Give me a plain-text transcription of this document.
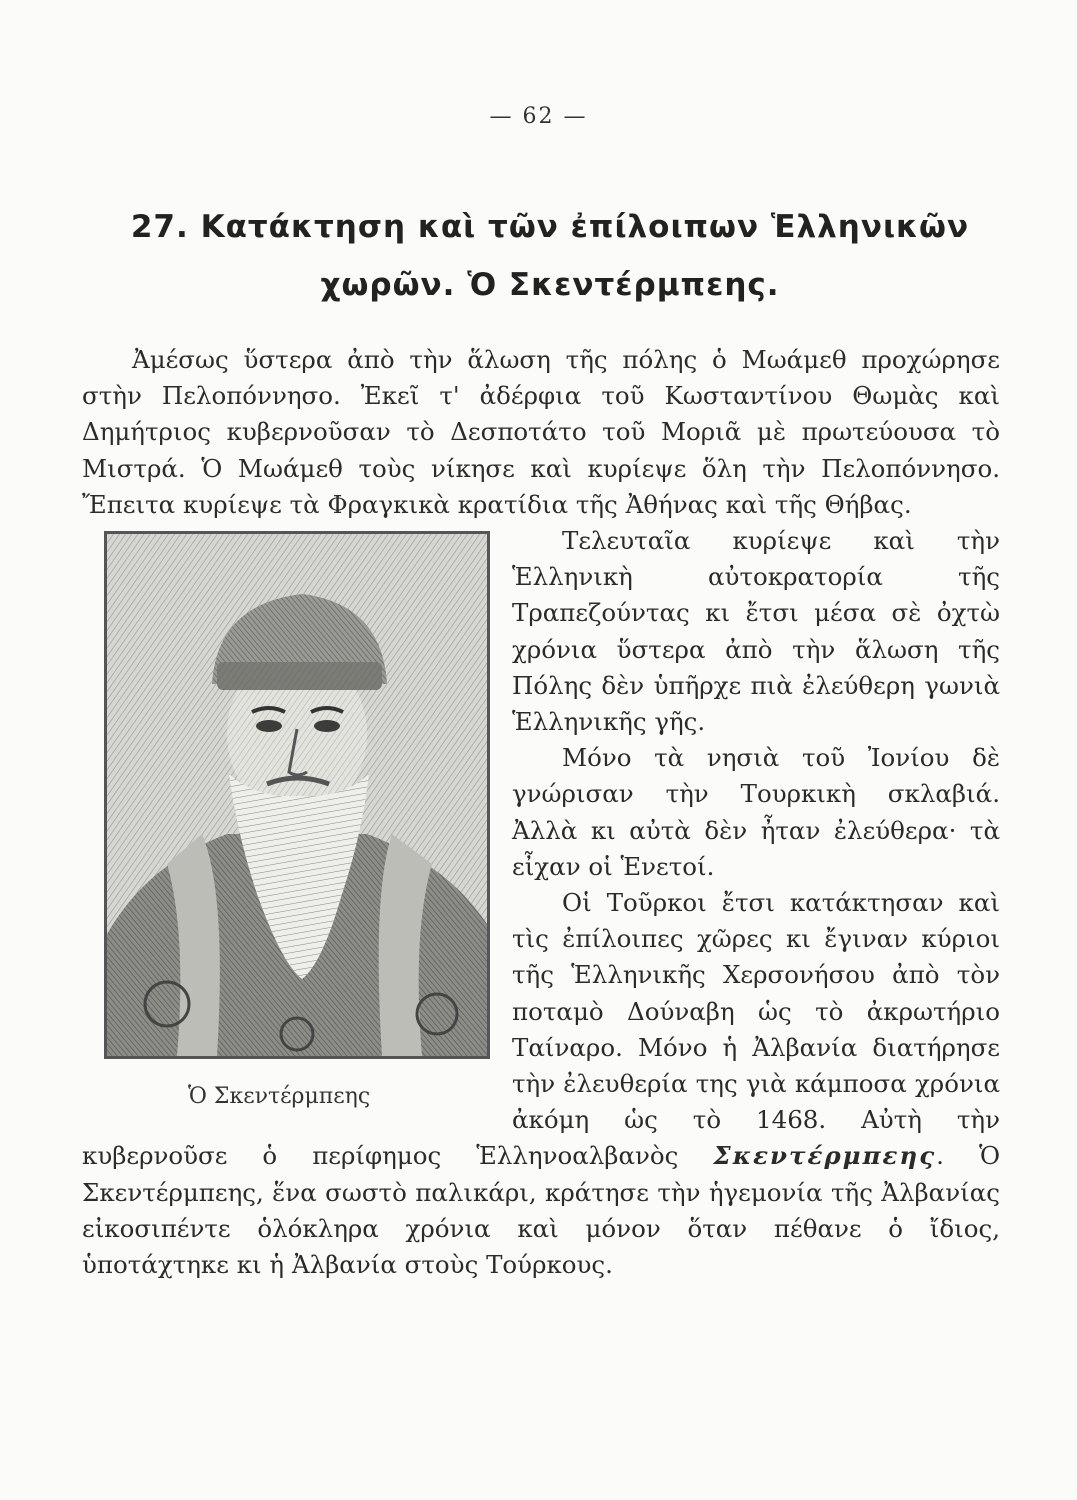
— 62 —
27. Κατάκτηση καὶ τῶν ἐπίλοιπων Ἑλληνικῶν
χωρῶν. Ὁ Σκεντέρμπεης.

Ἀμέσως ὕστερα ἀπὸ τὴν ἅλωση τῆς πόλης ὁ Μωάμεθ προχώρησε στὴν Πελοπόννησο. Ἐκεῖ τ' ἀδέρφια τοῦ Κωσταντίνου Θωμὰς καὶ Δημήτριος κυβερνοῦσαν τὸ Δεσποτάτο τοῦ Μοριᾶ μὲ πρωτεύουσα τὸ Μιστρά. Ὁ Μωάμεθ τοὺς νίκησε καὶ κυρίεψε ὅλη τὴν Πελοπόννησο. Ἔπειτα κυρίεψε τὰ Φραγκικὰ κρατίδια τῆς Ἀθήνας καὶ τῆς Θήβας.

Ὁ Σκεντέρμπεης

Τελευταῖα κυρίεψε καὶ τὴν Ἑλληνικὴ αὐτοκρατορία τῆς Τραπεζούντας κι ἔτσι μέσα σὲ ὀχτὼ χρόνια ὕστερα ἀπὸ τὴν ἅλωση τῆς Πόλης δὲν ὑπῆρχε πιὰ ἐλεύθερη γωνιὰ Ἑλληνικῆς γῆς.

Μόνο τὰ νησιὰ τοῦ Ἰονίου δὲ γνώρισαν τὴν Τουρκικὴ σκλαβιά. Ἀλλὰ κι αὐτὰ δὲν ἦταν ἐλεύθερα· τὰ εἶχαν οἱ Ἑνετοί.

Οἱ Τοῦρκοι ἔτσι κατάκτησαν καὶ τὶς ἐπίλοιπες χῶρες κι ἔγιναν κύριοι τῆς Ἑλληνικῆς Χερσονήσου ἀπὸ τὸν ποταμὸ Δούναβη ὡς τὸ ἀκρωτήριο Ταίναρο. Μόνο ἡ Ἀλβανία διατήρησε τὴν ἐλευθερία της γιὰ κάμποσα χρόνια ἀκόμη ὡς τὸ 1468. Αὐτὴ τὴν κυβερνοῦσε ὁ περίφημος Ἑλληνοαλβανὸς Σκεντέρμπεης. Ὁ Σκεντέρμπεης, ἕνα σωστὸ παλικάρι, κράτησε τὴν ἡγεμονία τῆς Ἀλβανίας εἰκοσιπέντε ὁλόκληρα χρόνια καὶ μόνον ὅταν πέθανε ὁ ἴδιος, ὑποτάχτηκε κι ἡ Ἀλβανία στοὺς Τούρκους.
